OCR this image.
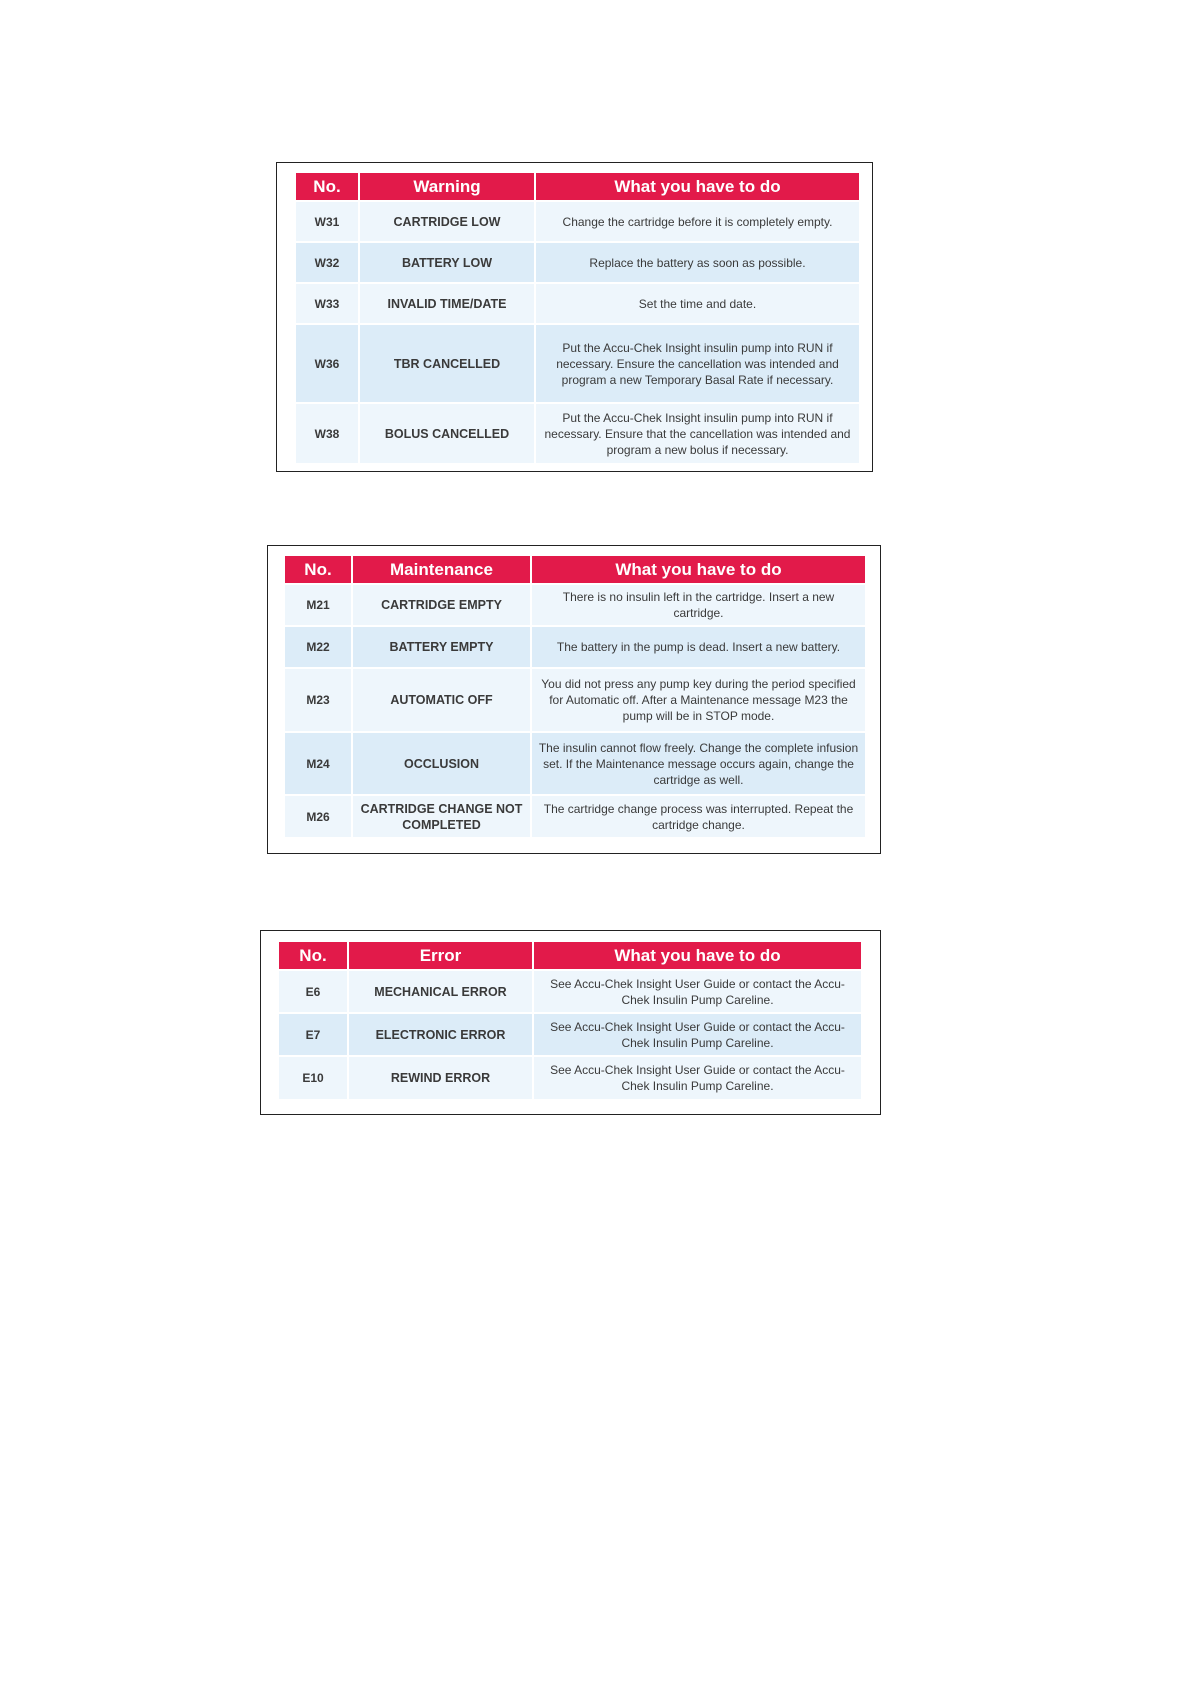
No.	Warning	What you have to do
W31	CARTRIDGE LOW	Change the cartridge before it is completely empty.
W32	BATTERY LOW	Replace the battery as soon as possible.
W33	INVALID TIME/DATE	Set the time and date.
W36	TBR CANCELLED	Put the Accu-Chek Insight insulin pump into RUN if necessary. Ensure the cancellation was intended and program a new Temporary Basal Rate if necessary.
W38	BOLUS CANCELLED	Put the Accu-Chek Insight insulin pump into RUN if necessary. Ensure that the cancellation was intended and program a new bolus if necessary.
No.	Maintenance	What you have to do
M21	CARTRIDGE EMPTY	There is no insulin left in the cartridge. Insert a new cartridge.
M22	BATTERY EMPTY	The battery in the pump is dead. Insert a new battery.
M23	AUTOMATIC OFF	You did not press any pump key during the period specified for Automatic off. After a Maintenance message M23 the pump will be in STOP mode.
M24	OCCLUSION	The insulin cannot flow freely. Change the complete infusion set. If the Maintenance message occurs again, change the cartridge as well.
M26	CARTRIDGE CHANGE NOT COMPLETED	The cartridge change process was interrupted. Repeat the cartridge change.
No.	Error	What you have to do
E6	MECHANICAL ERROR	See Accu-Chek Insight User Guide or contact the Accu-Chek Insulin Pump Careline.
E7	ELECTRONIC ERROR	See Accu-Chek Insight User Guide or contact the Accu-Chek Insulin Pump Careline.
E10	REWIND ERROR	See Accu-Chek Insight User Guide or contact the Accu-Chek Insulin Pump Careline.
